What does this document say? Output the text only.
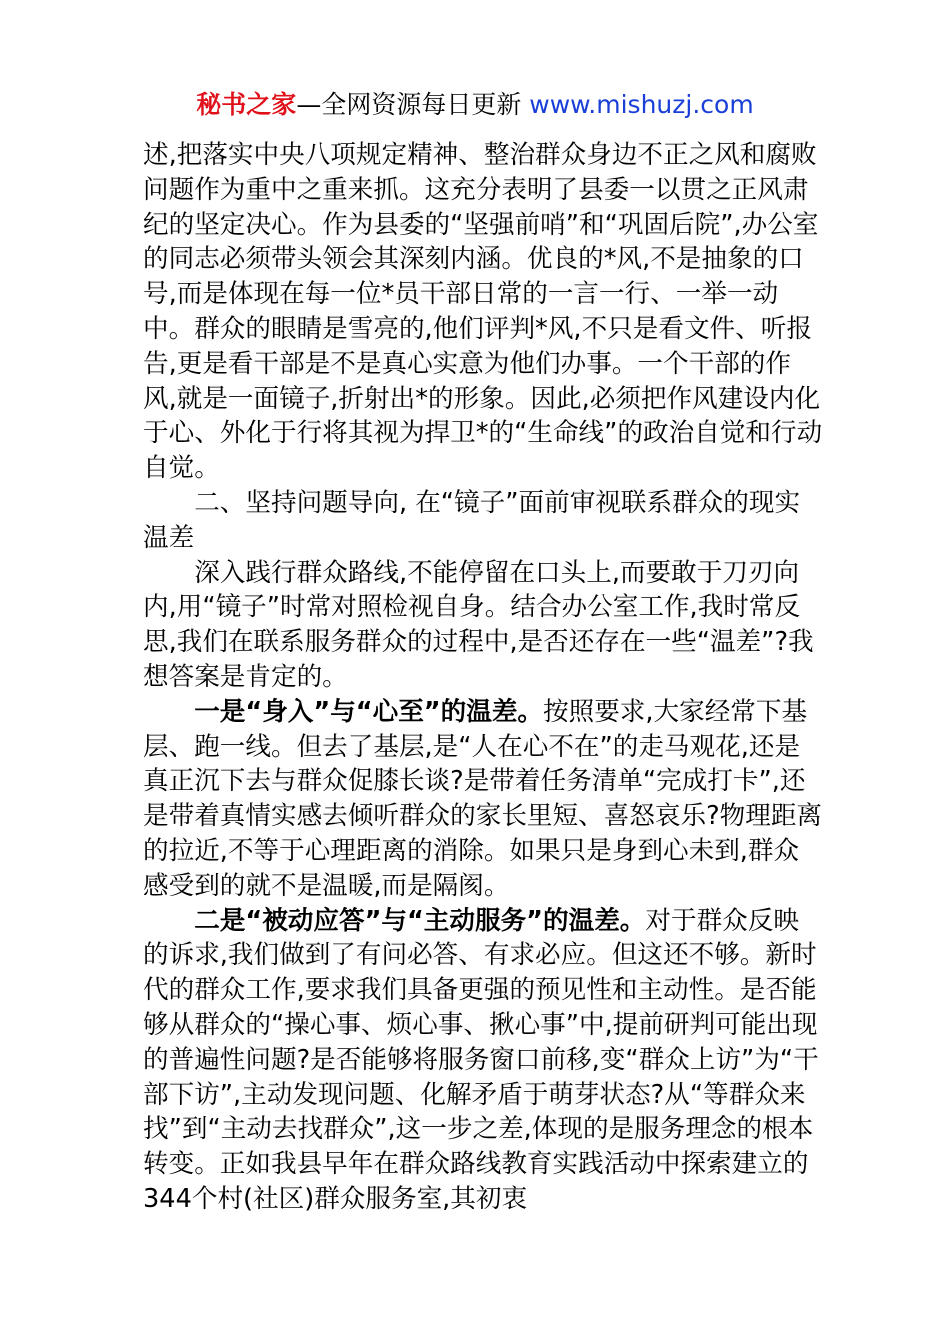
秘书之家—全网资源每日更新 www.mishuzj.com

述,把落实中央八项规定精神、整治群众身边不正之风和腐败问题作为重中之重来抓。这充分表明了县委一以贯之正风肃纪的坚定决心。作为县委的“坚强前哨”和“巩固后院”,办公室的同志必须带头领会其深刻内涵。优良的*风,不是抽象的口号,而是体现在每一位*员干部日常的一言一行、一举一动中。群众的眼睛是雪亮的,他们评判*风,不只是看文件、听报告,更是看干部是不是真心实意为他们办事。一个干部的作风,就是一面镜子,折射出*的形象。因此,必须把作风建设内化于心、外化于行将其视为捍卫*的“生命线”的政治自觉和行动自觉。

二、坚持问题导向, 在“镜子”面前审视联系群众的现实温差

深入践行群众路线,不能停留在口头上,而要敢于刀刃向内,用“镜子”时常对照检视自身。结合办公室工作,我时常反思,我们在联系服务群众的过程中,是否还存在一些“温差”?我想答案是肯定的。

一是“身入”与“心至”的温差。按照要求,大家经常下基层、跑一线。但去了基层,是“人在心不在”的走马观花,还是真正沉下去与群众促膝长谈?是带着任务清单“完成打卡”,还是带着真情实感去倾听群众的家长里短、喜怒哀乐?物理距离的拉近,不等于心理距离的消除。如果只是身到心未到,群众感受到的就不是温暖,而是隔阂。

二是“被动应答”与“主动服务”的温差。对于群众反映的诉求,我们做到了有问必答、有求必应。但这还不够。新时代的群众工作,要求我们具备更强的预见性和主动性。是否能够从群众的“操心事、烦心事、揪心事”中,提前研判可能出现的普遍性问题?是否能够将服务窗口前移,变“群众上访”为“干部下访”,主动发现问题、化解矛盾于萌芽状态?从“等群众来找”到“主动去找群众”,这一步之差,体现的是服务理念的根本转变。正如我县早年在群众路线教育实践活动中探索建立的344个村(社区)群众服务室,其初衷
